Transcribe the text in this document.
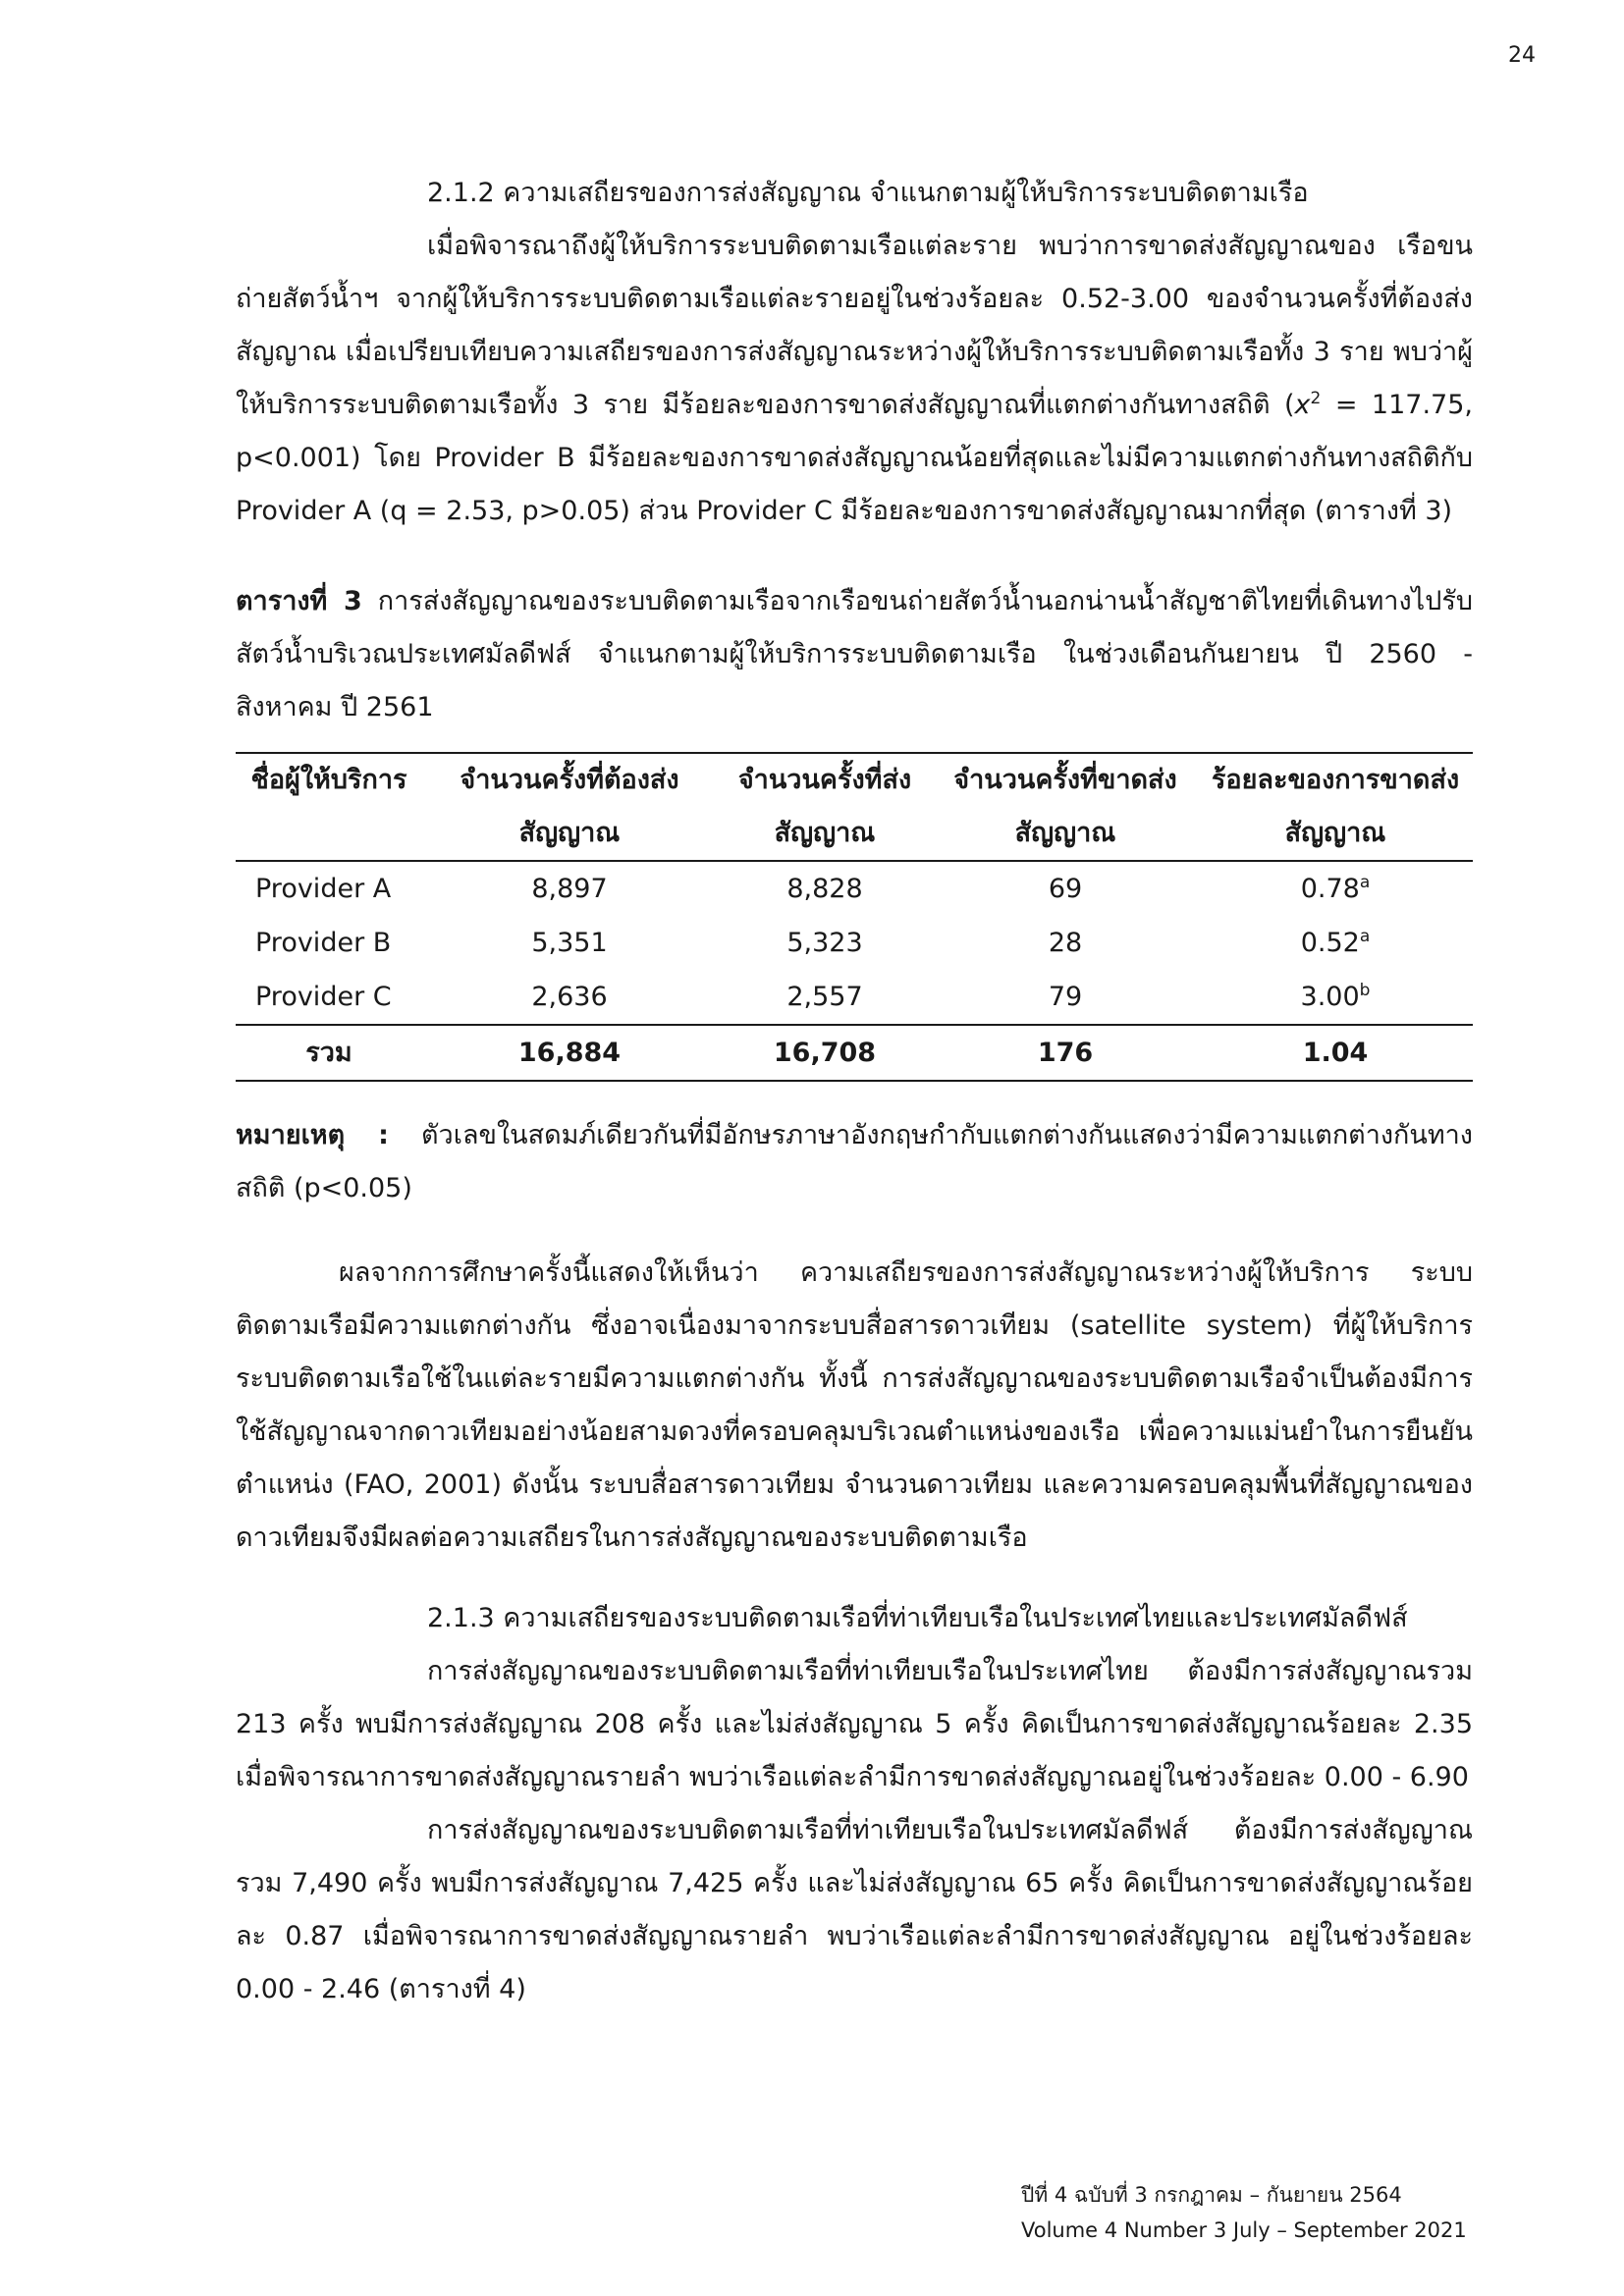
24

2.1.2 ความเสถียรของการส่งสัญญาณ จำแนกตามผู้ให้บริการระบบติดตามเรือ

เมื่อพิจารณาถึงผู้ให้บริการระบบติดตามเรือแต่ละราย พบว่าการขาดส่งสัญญาณของ เรือขนถ่ายสัตว์น้ำฯ จากผู้ให้บริการระบบติดตามเรือแต่ละรายอยู่ในช่วงร้อยละ 0.52-3.00 ของจำนวนครั้งที่ต้องส่งสัญญาณ เมื่อเปรียบเทียบความเสถียรของการส่งสัญญาณระหว่างผู้ให้บริการระบบติดตามเรือทั้ง 3 ราย พบว่าผู้ให้บริการระบบติดตามเรือทั้ง 3 ราย มีร้อยละของการขาดส่งสัญญาณที่แตกต่างกันทางสถิติ ($x^2 = 117.75$, p<0.001) โดย Provider B มีร้อยละของการขาดส่งสัญญาณน้อยที่สุดและไม่มีความแตกต่างกันทางสถิติกับ Provider A (q = 2.53, p>0.05) ส่วน Provider C มีร้อยละของการขาดส่งสัญญาณมากที่สุด (ตารางที่ 3)

ตารางที่ 3 การส่งสัญญาณของระบบติดตามเรือจากเรือขนถ่ายสัตว์น้ำนอกน่านน้ำสัญชาติไทยที่เดินทางไปรับสัตว์น้ำบริเวณประเทศมัลดีฟส์ จำแนกตามผู้ให้บริการระบบติดตามเรือ ในช่วงเดือนกันยายน ปี 2560 - สิงหาคม ปี 2561

ชื่อผู้ให้บริการ	จำนวนครั้งที่ต้องส่ง	จำนวนครั้งที่ส่ง	จำนวนครั้งที่ขาดส่ง	ร้อยละของการขาดส่ง
	สัญญาณ	สัญญาณ	สัญญาณ	สัญญาณ
Provider A	8,897	8,828	69	0.78$^a$
Provider B	5,351	5,323	28	0.52$^a$
Provider C	2,636	2,557	79	3.00$^b$
รวม	16,884	16,708	176	1.04

หมายเหตุ : ตัวเลขในสดมภ์เดียวกันที่มีอักษรภาษาอังกฤษกำกับแตกต่างกันแสดงว่ามีความแตกต่างกันทางสถิติ (p<0.05)

ผลจากการศึกษาครั้งนี้แสดงให้เห็นว่า ความเสถียรของการส่งสัญญาณระหว่างผู้ให้บริการ ระบบติดตามเรือมีความแตกต่างกัน ซึ่งอาจเนื่องมาจากระบบสื่อสารดาวเทียม (satellite system) ที่ผู้ให้บริการระบบติดตามเรือใช้ในแต่ละรายมีความแตกต่างกัน ทั้งนี้ การส่งสัญญาณของระบบติดตามเรือจำเป็นต้องมีการใช้สัญญาณจากดาวเทียมอย่างน้อยสามดวงที่ครอบคลุมบริเวณตำแหน่งของเรือ เพื่อความแม่นยำในการยืนยันตำแหน่ง (FAO, 2001) ดังนั้น ระบบสื่อสารดาวเทียม จำนวนดาวเทียม และความครอบคลุมพื้นที่สัญญาณของดาวเทียมจึงมีผลต่อความเสถียรในการส่งสัญญาณของระบบติดตามเรือ

2.1.3 ความเสถียรของระบบติดตามเรือที่ท่าเทียบเรือในประเทศไทยและประเทศมัลดีฟส์

การส่งสัญญาณของระบบติดตามเรือที่ท่าเทียบเรือในประเทศไทย ต้องมีการส่งสัญญาณรวม 213 ครั้ง พบมีการส่งสัญญาณ 208 ครั้ง และไม่ส่งสัญญาณ 5 ครั้ง คิดเป็นการขาดส่งสัญญาณร้อยละ 2.35 เมื่อพิจารณาการขาดส่งสัญญาณรายลำ พบว่าเรือแต่ละลำมีการขาดส่งสัญญาณอยู่ในช่วงร้อยละ 0.00 - 6.90

การส่งสัญญาณของระบบติดตามเรือที่ท่าเทียบเรือในประเทศมัลดีฟส์ ต้องมีการส่งสัญญาณรวม 7,490 ครั้ง พบมีการส่งสัญญาณ 7,425 ครั้ง และไม่ส่งสัญญาณ 65 ครั้ง คิดเป็นการขาดส่งสัญญาณร้อยละ 0.87 เมื่อพิจารณาการขาดส่งสัญญาณรายลำ พบว่าเรือแต่ละลำมีการขาดส่งสัญญาณ อยู่ในช่วงร้อยละ 0.00 - 2.46 (ตารางที่ 4)

ปีที่ 4 ฉบับที่ 3 กรกฎาคม – กันยายน 2564
Volume 4 Number 3 July – September 2021
